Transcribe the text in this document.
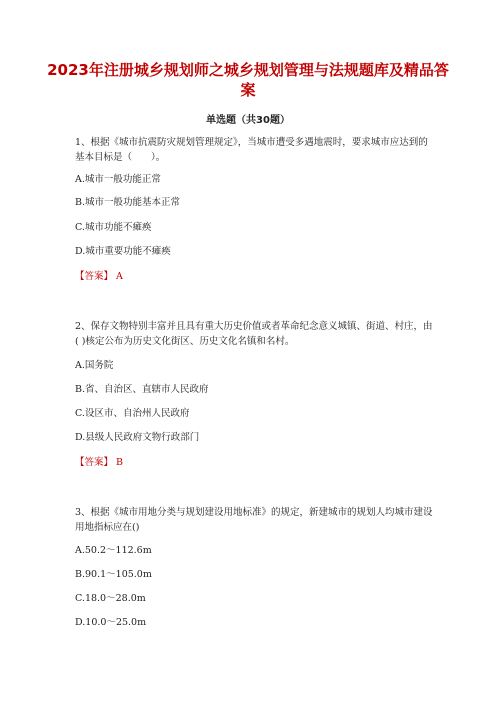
2023年注册城乡规划师之城乡规划管理与法规题库及精品答案
单选题（共30题）
1、根据《城市抗震防灾规划管理规定》，当城市遭受多遇地震时，要求城市应达到的基本目标是（　　）。
A.城市一般功能正常
B.城市一般功能基本正常
C.城市功能不瘫痪
D.城市重要功能不瘫痪
【答案】 A
2、保存文物特别丰富并且具有重大历史价值或者革命纪念意义城镇、街道、村庄，由( )核定公布为历史文化街区、历史文化名镇和名村。
A.国务院
B.省、自治区、直辖市人民政府
C.设区市、自治州人民政府
D.县级人民政府文物行政部门
【答案】 B
3、根据《城市用地分类与规划建设用地标准》的规定，新建城市的规划人均城市建设用地指标应在()
A.50.2～112.6m
B.90.1～105.0m
C.18.0～28.0m
D.10.0～25.0m
